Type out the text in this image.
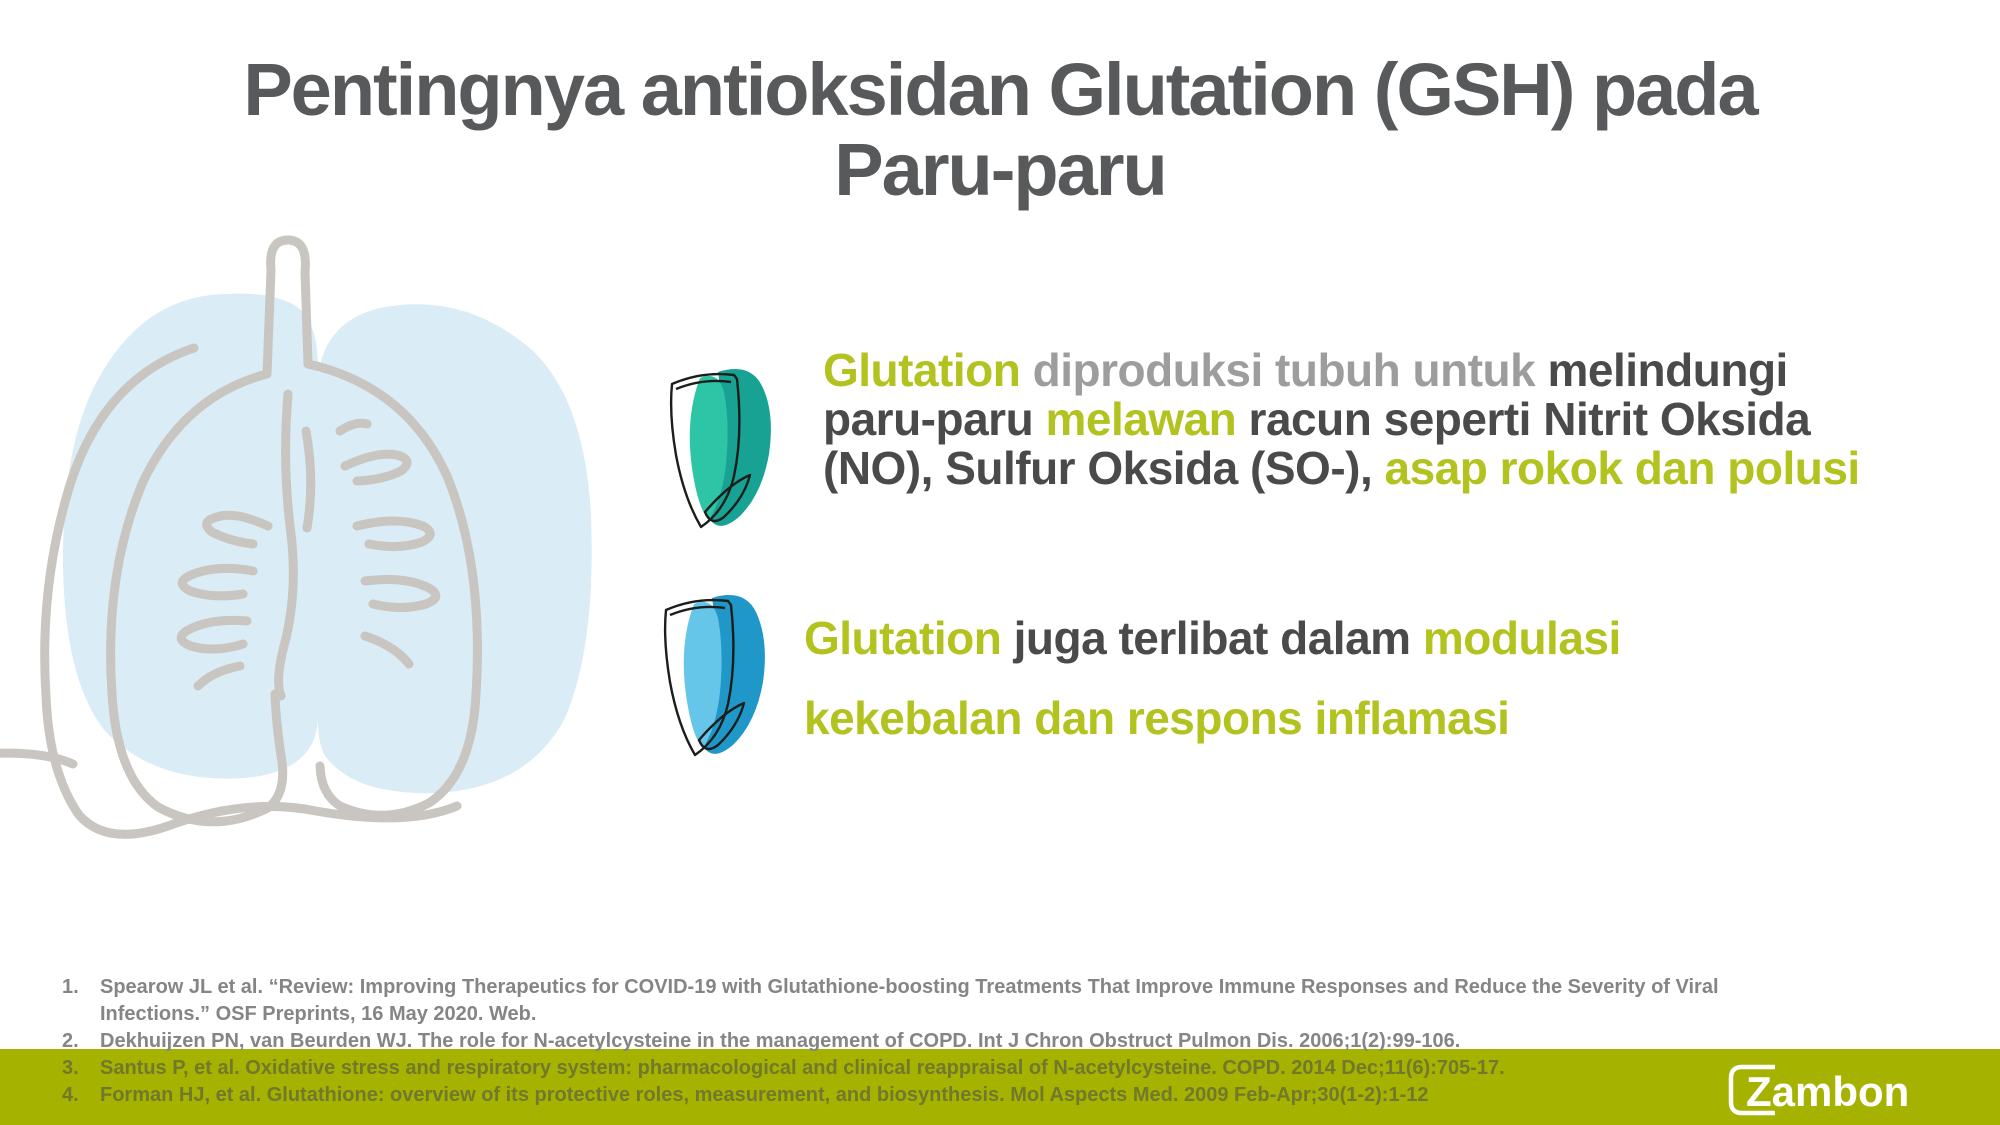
Pentingnya antioksidan Glutation (GSH) pada
Paru-paru
Glutation diproduksi tubuh untuk melindungi
paru-paru melawan racun seperti Nitrit Oksida
(NO), Sulfur Oksida (SO-), asap rokok dan polusi
Glutation juga terlibat dalam modulasi
kekebalan dan respons inflamasi
1.	Spearow JL et al. “Review: Improving Therapeutics for COVID-19 with Glutathione-boosting Treatments That Improve Immune Responses and Reduce the Severity of Viral
Infections.” OSF Preprints, 16 May 2020. Web.
2.	Dekhuijzen PN, van Beurden WJ. The role for N-acetylcysteine in the management of COPD. Int J Chron Obstruct Pulmon Dis. 2006;1(2):99-106.
3.	Santus P, et al. Oxidative stress and respiratory system: pharmacological and clinical reappraisal of N-acetylcysteine. COPD. 2014 Dec;11(6):705-17.
4.	Forman HJ, et al. Glutathione: overview of its protective roles, measurement, and biosynthesis. Mol Aspects Med. 2009 Feb-Apr;30(1-2):1-12	Zambon
